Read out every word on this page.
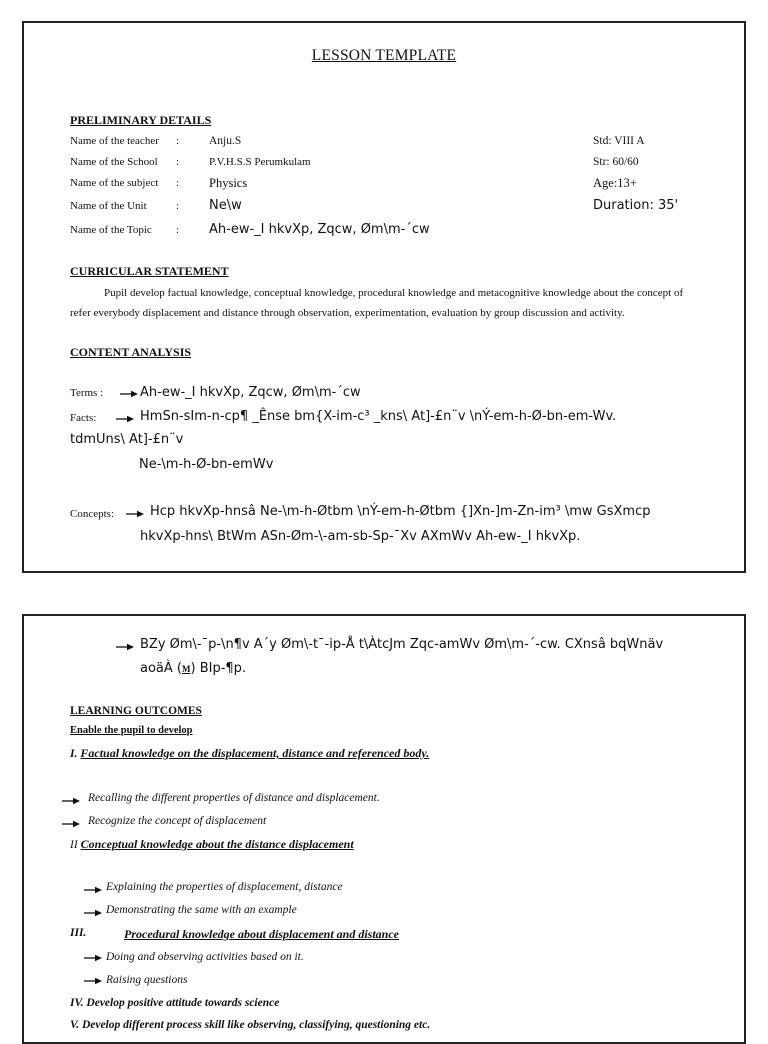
LESSON TEMPLATE
PRELIMINARY DETAILS
Name of the teacher :	Anju.S	Std: VIII A
Name of the School :	P.V.H.S.S Perumkulam	Str: 60/60
Name of the subject : Physics	Age:13+
Name of the Unit	: Ne\w	Duration: 35'
Name of the Topic : Ah-ew-_I hkvXp, Zqcw, Øm\m-´cw
CURRICULAR STATEMENT
Pupil develop factual knowledge, conceptual knowledge, procedural knowledge and metacognitive knowledge about the concept of refer everybody displacement and distance through observation, experimentation, evaluation by group discussion and activity.
CONTENT ANALYSIS
Terms :	Ah-ew-_I hkvXp, Zqcw, Øm\m-´cw
Facts:	HmSn-sIm-n-cp¶ _Ênse bm{X-im-c³ _kns\ At]-£n¨v \nÝ-em-h-Ø-bn-em-Wv.
tdmUns\ At]-£n¨v
Ne-\m-h-Ø-bn-emWv
Concepts:	Hcp hkvXp-hnsâ Ne-\m-h-Øtbm \nÝ-em-h-Øtbm {]Xn-]m-Zn-im³ \mw GsXmcp
hkvXp-hns\ BtWm ASn-Øm-\-am-sb-Sp-¯Xv AXmWv Ah-ew-_I hkvXp.
BZy Øm\-¯p-\n¶v A´y Øm\-t¯-ip-Å t\ÀtcJm Zqc-amWv Øm\m-´-cw. CXnsâ bqWnäv
aoäÀ (M) BIp-¶p.
LEARNING OUTCOMES
Enable the pupil to develop
I. Factual knowledge on the displacement, distance and referenced body.
Recalling the different properties of distance and displacement.
Recognize the concept of displacement
II Conceptual knowledge about the distance displacement
Explaining the properties of displacement, distance
Demonstrating the same with an example
III.	Procedural knowledge about displacement and distance
Doing and observing activities based on it.
Raising questions
IV. Develop positive attitude towards science
V. Develop different process skill like observing, classifying, questioning etc.
